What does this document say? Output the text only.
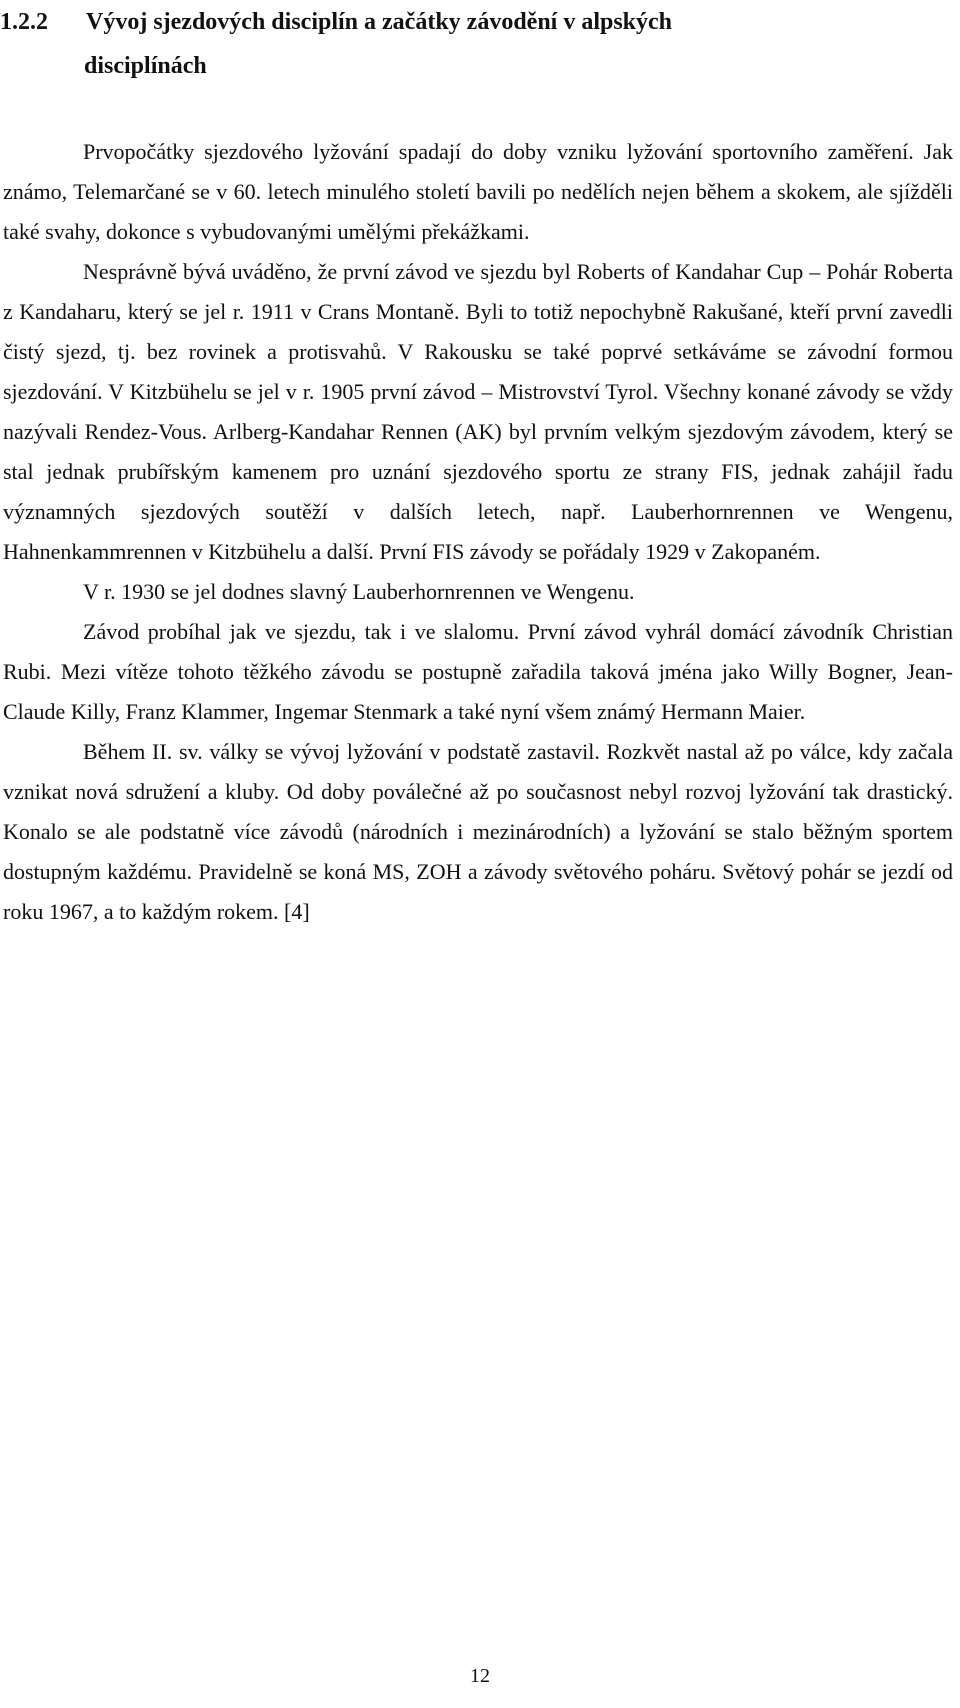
1.2.2 Vývoj sjezdových disciplín a začátky závodění v alpských
disciplínách

Prvopočátky sjezdového lyžování spadají do doby vzniku lyžování sportovního zaměření. Jak známo, Telemarčané se v 60. letech minulého století bavili po nedělích nejen během a skokem, ale sjížděli také svahy, dokonce s vybudovanými umělými překážkami.

Nesprávně bývá uváděno, že první závod ve sjezdu byl Roberts of Kandahar Cup – Pohár Roberta z Kandaharu, který se jel r. 1911 v Crans Montaně. Byli to totiž nepochybně Rakušané, kteří první zavedli čistý sjezd, tj. bez rovinek a protisvahů. V Rakousku se také poprvé setkáváme se závodní formou sjezdování. V Kitzbühelu se jel v r. 1905 první závod – Mistrovství Tyrol. Všechny konané závody se vždy nazývali Rendez-Vous. Arlberg-Kandahar Rennen (AK) byl prvním velkým sjezdovým závodem, který se stal jednak prubířským kamenem pro uznání sjezdového sportu ze strany FIS, jednak zahájil řadu významných sjezdových soutěží v dalších letech, např. Lauberhornrennen ve Wengenu, Hahnenkammrennen v Kitzbühelu a další. První FIS závody se pořádaly 1929 v Zakopaném.

V r. 1930 se jel dodnes slavný Lauberhornrennen ve Wengenu.

Závod probíhal jak ve sjezdu, tak i ve slalomu. První závod vyhrál domácí závodník Christian Rubi. Mezi vítěze tohoto těžkého závodu se postupně zařadila taková jména jako Willy Bogner, Jean-Claude Killy, Franz Klammer, Ingemar Stenmark a také nyní všem známý Hermann Maier.

Během II. sv. války se vývoj lyžování v podstatě zastavil. Rozkvět nastal až po válce, kdy začala vznikat nová sdružení a kluby. Od doby poválečné až po současnost nebyl rozvoj lyžování tak drastický. Konalo se ale podstatně více závodů (národních i mezinárodních) a lyžování se stalo běžným sportem dostupným každému. Pravidelně se koná MS, ZOH a závody světového poháru. Světový pohár se jezdí od roku 1967, a to každým rokem. [4]

12
